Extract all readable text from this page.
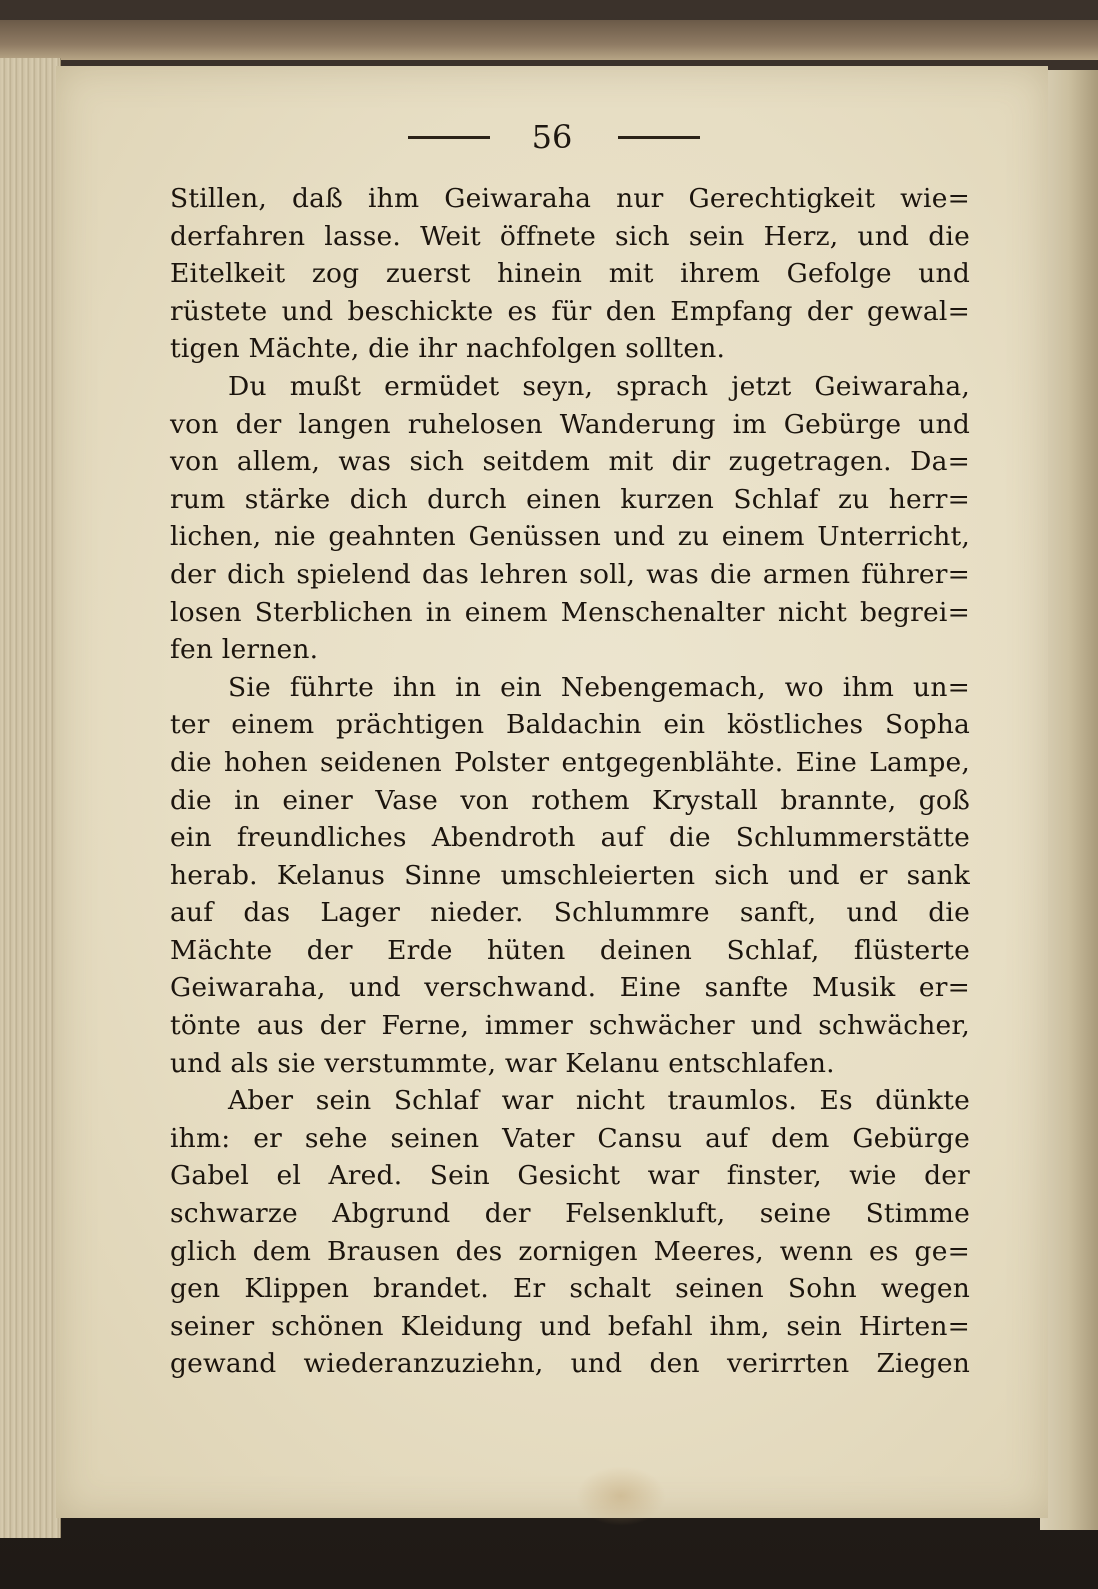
56
Stillen, daß ihm Geiwaraha nur Gerechtigkeit wie=
derfahren lasse. Weit öffnete sich sein Herz, und die
Eitelkeit zog zuerst hinein mit ihrem Gefolge und
rüstete und beschickte es für den Empfang der gewal=
tigen Mächte, die ihr nachfolgen sollten.
Du mußt ermüdet seyn, sprach jetzt Geiwaraha,
von der langen ruhelosen Wanderung im Gebürge und
von allem, was sich seitdem mit dir zugetragen. Da=
rum stärke dich durch einen kurzen Schlaf zu herr=
lichen, nie geahnten Genüssen und zu einem Unterricht,
der dich spielend das lehren soll, was die armen führer=
losen Sterblichen in einem Menschenalter nicht begrei=
fen lernen.
Sie führte ihn in ein Nebengemach, wo ihm un=
ter einem prächtigen Baldachin ein köstliches Sopha
die hohen seidenen Polster entgegenblähte. Eine Lampe,
die in einer Vase von rothem Krystall brannte, goß
ein freundliches Abendroth auf die Schlummerstätte
herab. Kelanus Sinne umschleierten sich und er sank
auf das Lager nieder. Schlummre sanft, und die
Mächte der Erde hüten deinen Schlaf, flüsterte
Geiwaraha, und verschwand. Eine sanfte Musik er=
tönte aus der Ferne, immer schwächer und schwächer,
und als sie verstummte, war Kelanu entschlafen.
Aber sein Schlaf war nicht traumlos. Es dünkte
ihm: er sehe seinen Vater Cansu auf dem Gebürge
Gabel el Ared. Sein Gesicht war finster, wie der
schwarze Abgrund der Felsenkluft, seine Stimme
glich dem Brausen des zornigen Meeres, wenn es ge=
gen Klippen brandet. Er schalt seinen Sohn wegen
seiner schönen Kleidung und befahl ihm, sein Hirten=
gewand wiederanzuziehn, und den verirrten Ziegen
